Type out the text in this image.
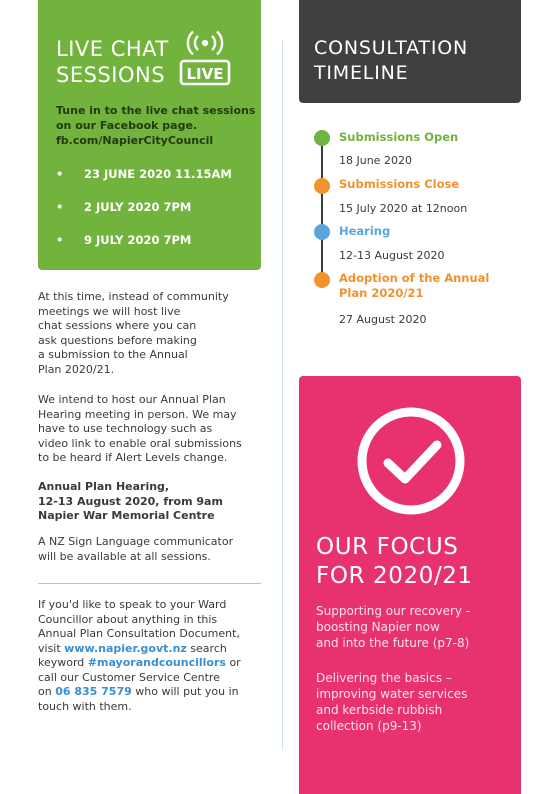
LIVE CHAT
SESSIONS	LIVE
Tune in to the live chat sessions
on our Facebook page.
fb.com/NapierCityCouncil
•	23 JUNE 2020 11.15AM
•	2 JULY 2020 7PM
•	9 JULY 2020 7PM
At this time, instead of community
meetings we will host live
chat sessions where you can
ask questions before making
a submission to the Annual
Plan 2020/21.
We intend to host our Annual Plan
Hearing meeting in person. We may
have to use technology such as
video link to enable oral submissions
to be heard if Alert Levels change.
Annual Plan Hearing,
12-13 August 2020, from 9am
Napier War Memorial Centre
A NZ Sign Language communicator
will be available at all sessions.
If you'd like to speak to your Ward
Councillor about anything in this
Annual Plan Consultation Document,
visit www.napier.govt.nz search
keyword #mayorandcouncillors or
call our Customer Service Centre
on 06 835 7579 who will put you in
touch with them.
CONSULTATION
TIMELINE
Submissions Open
18 June 2020
Submissions Close
15 July 2020 at 12noon
Hearing
12-13 August 2020
Adoption of the Annual
Plan 2020/21
27 August 2020
OUR FOCUS
FOR 2020/21
Supporting our recovery -
boosting Napier now
and into the future (p7-8)
Delivering the basics –
improving water services
and kerbside rubbish
collection (p9-13)
